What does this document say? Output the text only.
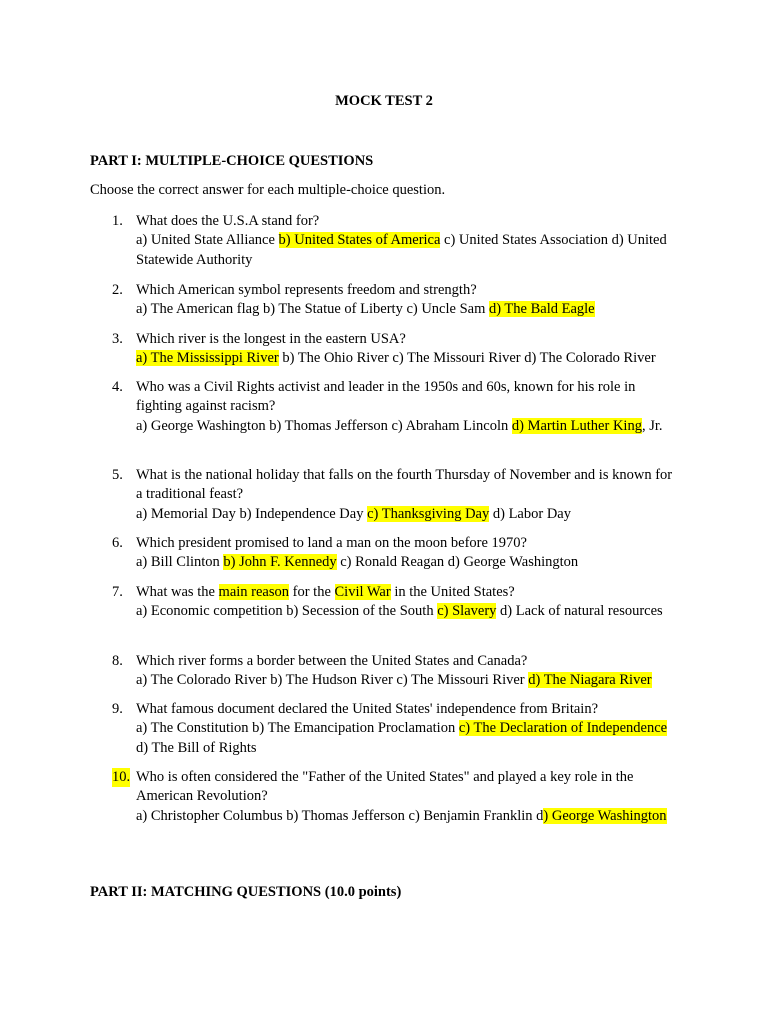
MOCK TEST 2
PART I: MULTIPLE-CHOICE QUESTIONS
Choose the correct answer for each multiple-choice question.
1. What does the U.S.A stand for?
a) United State Alliance b) United States of America c) United States Association d) United Statewide Authority
2. Which American symbol represents freedom and strength?
a) The American flag b) The Statue of Liberty c) Uncle Sam d) The Bald Eagle
3. Which river is the longest in the eastern USA?
a) The Mississippi River b) The Ohio River c) The Missouri River d) The Colorado River
4. Who was a Civil Rights activist and leader in the 1950s and 60s, known for his role in fighting against racism?
a) George Washington b) Thomas Jefferson c) Abraham Lincoln d) Martin Luther King, Jr.
5. What is the national holiday that falls on the fourth Thursday of November and is known for a traditional feast?
a) Memorial Day b) Independence Day c) Thanksgiving Day d) Labor Day
6. Which president promised to land a man on the moon before 1970?
a) Bill Clinton b) John F. Kennedy c) Ronald Reagan d) George Washington
7. What was the main reason for the Civil War in the United States?
a) Economic competition b) Secession of the South c) Slavery d) Lack of natural resources
8. Which river forms a border between the United States and Canada?
a) The Colorado River b) The Hudson River c) The Missouri River d) The Niagara River
9. What famous document declared the United States' independence from Britain?
a) The Constitution b) The Emancipation Proclamation c) The Declaration of Independence d) The Bill of Rights
10. Who is often considered the "Father of the United States" and played a key role in the American Revolution?
a) Christopher Columbus b) Thomas Jefferson c) Benjamin Franklin d) George Washington
PART II: MATCHING QUESTIONS (10.0 points)
